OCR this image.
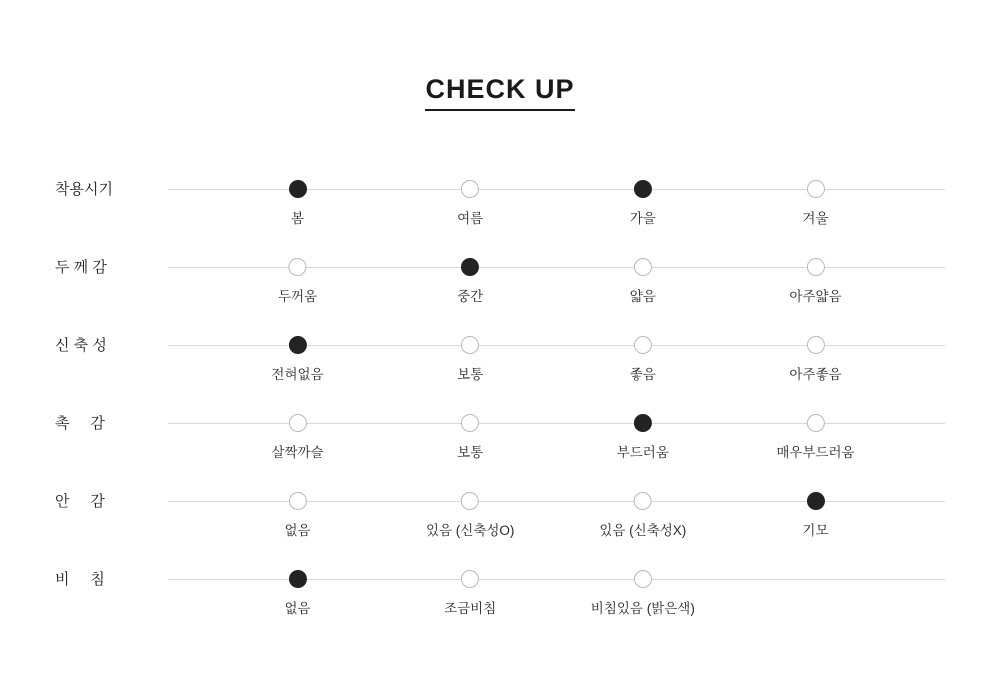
CHECK UP
착용시기
봄	여름	가을	겨울
두 께 감
두꺼움	중간	얇음	아주얇음
신 축 성
전혀없음	보통	좋음	아주좋음
촉     감
살짝까슬	보통	부드러움	매우부드러움
안     감
없음	있음 (신축성O)	있음 (신축성X)	기모
비     침
없음	조금비침	비침있음 (밝은색)
